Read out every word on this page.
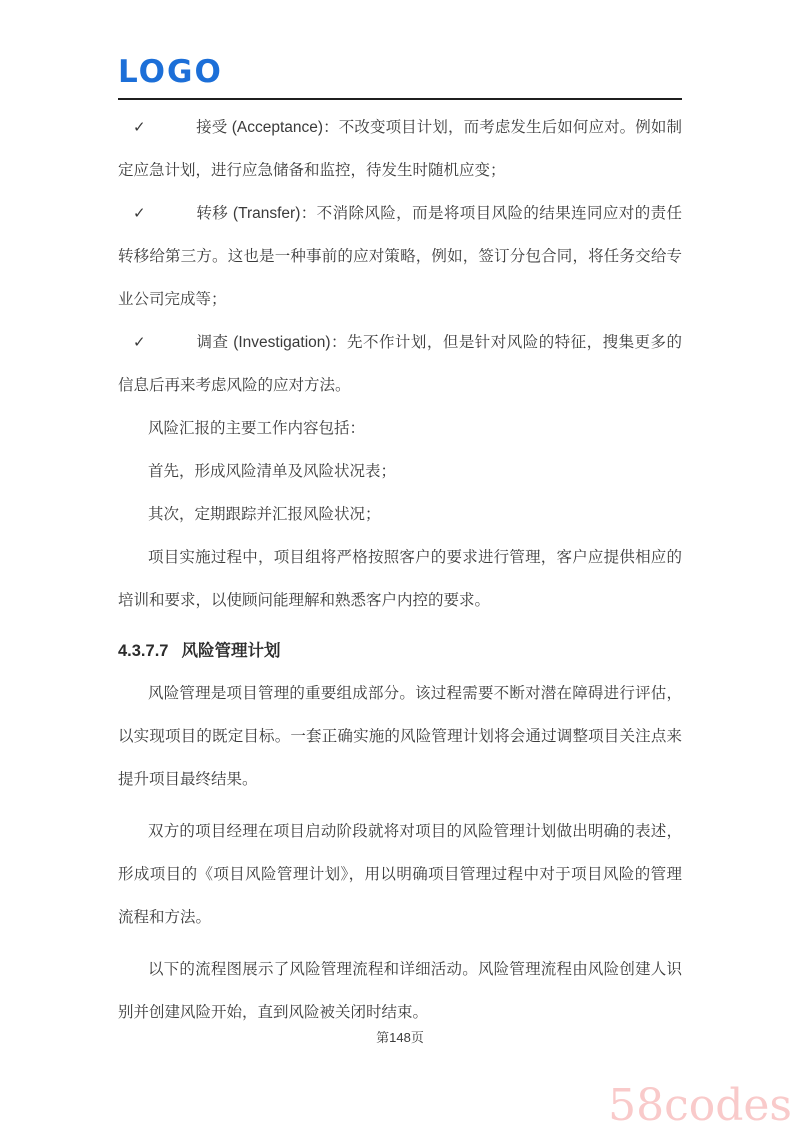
LOGO

✓	接受 (Acceptance)：不改变项目计划，而考虑发生后如何应对。例如制定应急计划，进行应急储备和监控，待发生时随机应变；

✓	转移 (Transfer)：不消除风险，而是将项目风险的结果连同应对的责任转移给第三方。这也是一种事前的应对策略，例如，签订分包合同，将任务交给专业公司完成等；

✓	调查 (Investigation)：先不作计划，但是针对风险的特征，搜集更多的信息后再来考虑风险的应对方法。

风险汇报的主要工作内容包括：

首先，形成风险清单及风险状况表；

其次，定期跟踪并汇报风险状况；

项目实施过程中，项目组将严格按照客户的要求进行管理，客户应提供相应的培训和要求，以使顾问能理解和熟悉客户内控的要求。

4.3.7.7 风险管理计划

风险管理是项目管理的重要组成部分。该过程需要不断对潜在障碍进行评估，以实现项目的既定目标。一套正确实施的风险管理计划将会通过调整项目关注点来提升项目最终结果。

双方的项目经理在项目启动阶段就将对项目的风险管理计划做出明确的表述，形成项目的《项目风险管理计划》，用以明确项目管理过程中对于项目风险的管理流程和方法。

以下的流程图展示了风险管理流程和详细活动。风险管理流程由风险创建人识别并创建风险开始，直到风险被关闭时结束。

第148页
58codes
